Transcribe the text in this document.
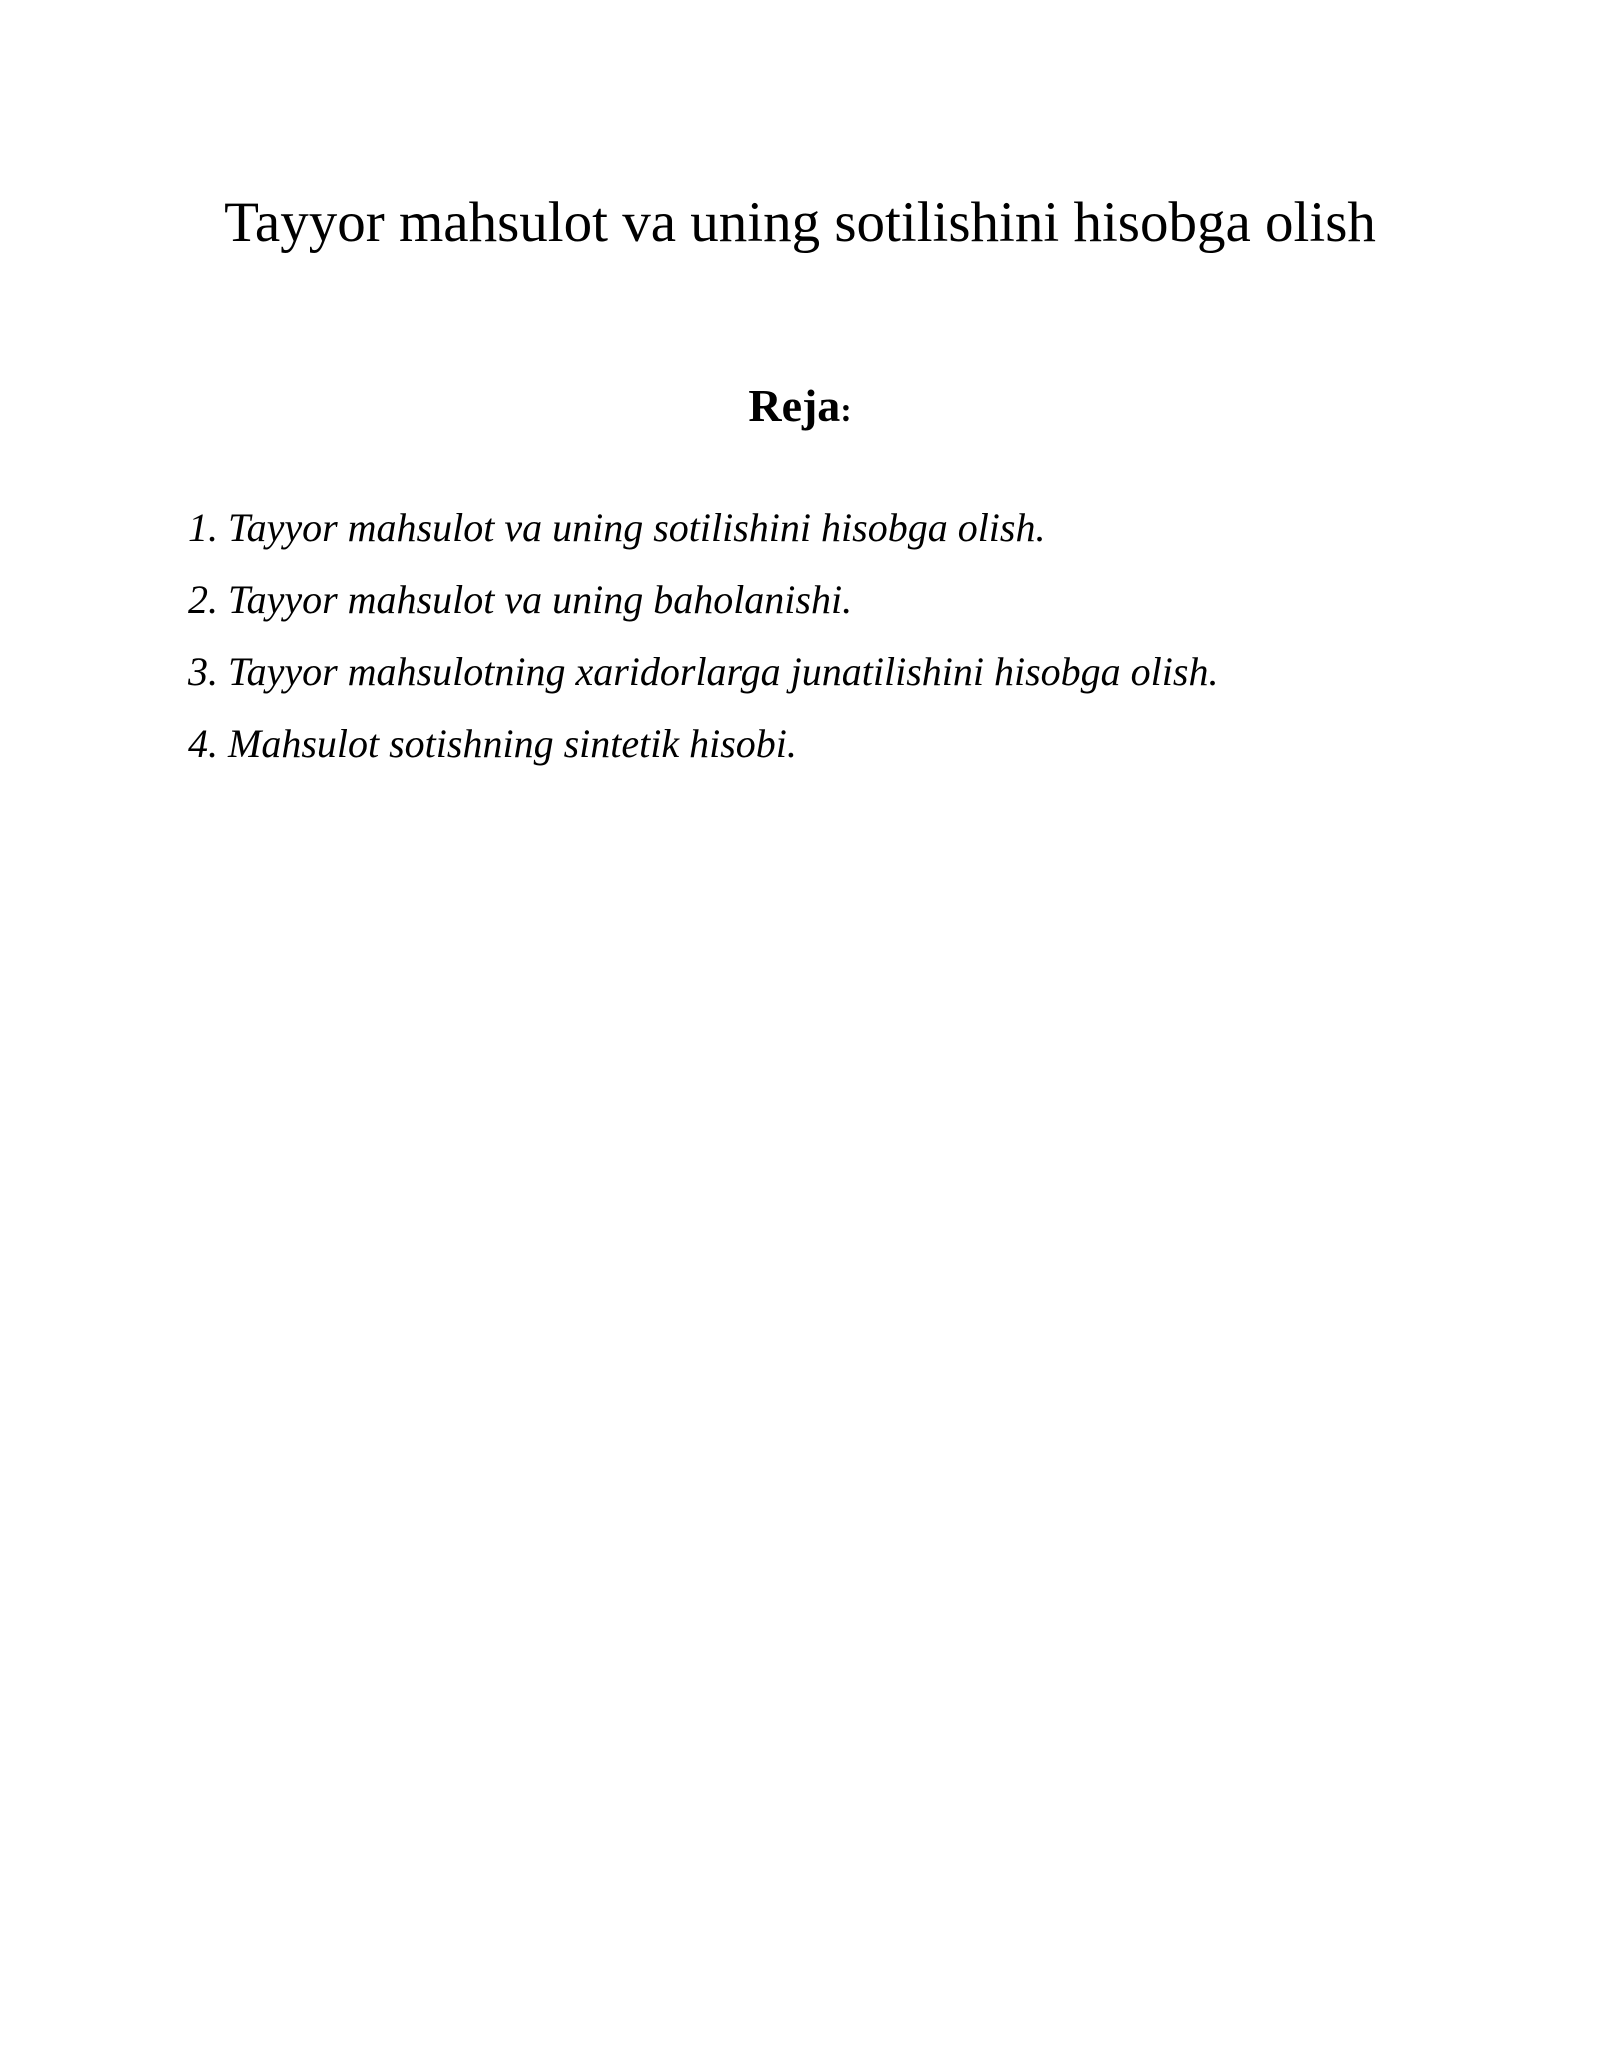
Tayyor mahsulot va uning sotilishini hisobga olish
Reja:
1. Tayyor mahsulot va uning sotilishini hisobga olish.
2. Tayyor mahsulot va uning baholanishi.
3. Tayyor mahsulotning xaridorlarga junatilishini hisobga olish.
4. Mahsulot sotishning sintetik hisobi.
